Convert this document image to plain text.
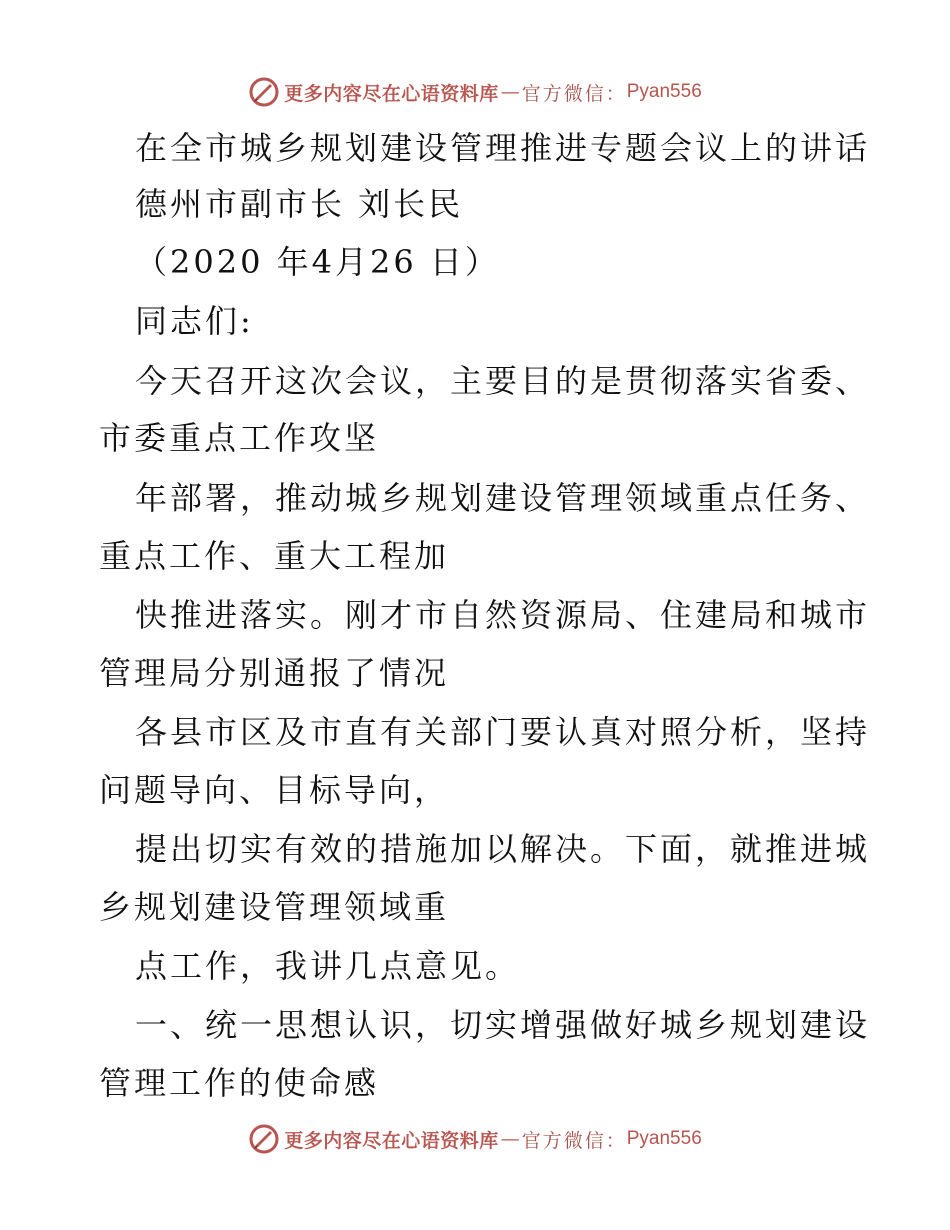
更多内容尽在心语资料库 — 官方微信： Pyan556
在全市城乡规划建设管理推进专题会议上的讲话
德州市副市长 刘长民
（2020 年4月26 日）
同志们:
今天召开这次会议，主要目的是贯彻落实省委、
市委重点工作攻坚
年部署，推动城乡规划建设管理领域重点任务、
重点工作、重大工程加
快推进落实。刚才市自然资源局、住建局和城市
管理局分别通报了情况
各县市区及市直有关部门要认真对照分析，坚持
问题导向、目标导向，
提出切实有效的措施加以解决。下面，就推进城
乡规划建设管理领域重
点工作，我讲几点意见。
一、统一思想认识，切实增强做好城乡规划建设
管理工作的使命感
更多内容尽在心语资料库 — 官方微信： Pyan556
